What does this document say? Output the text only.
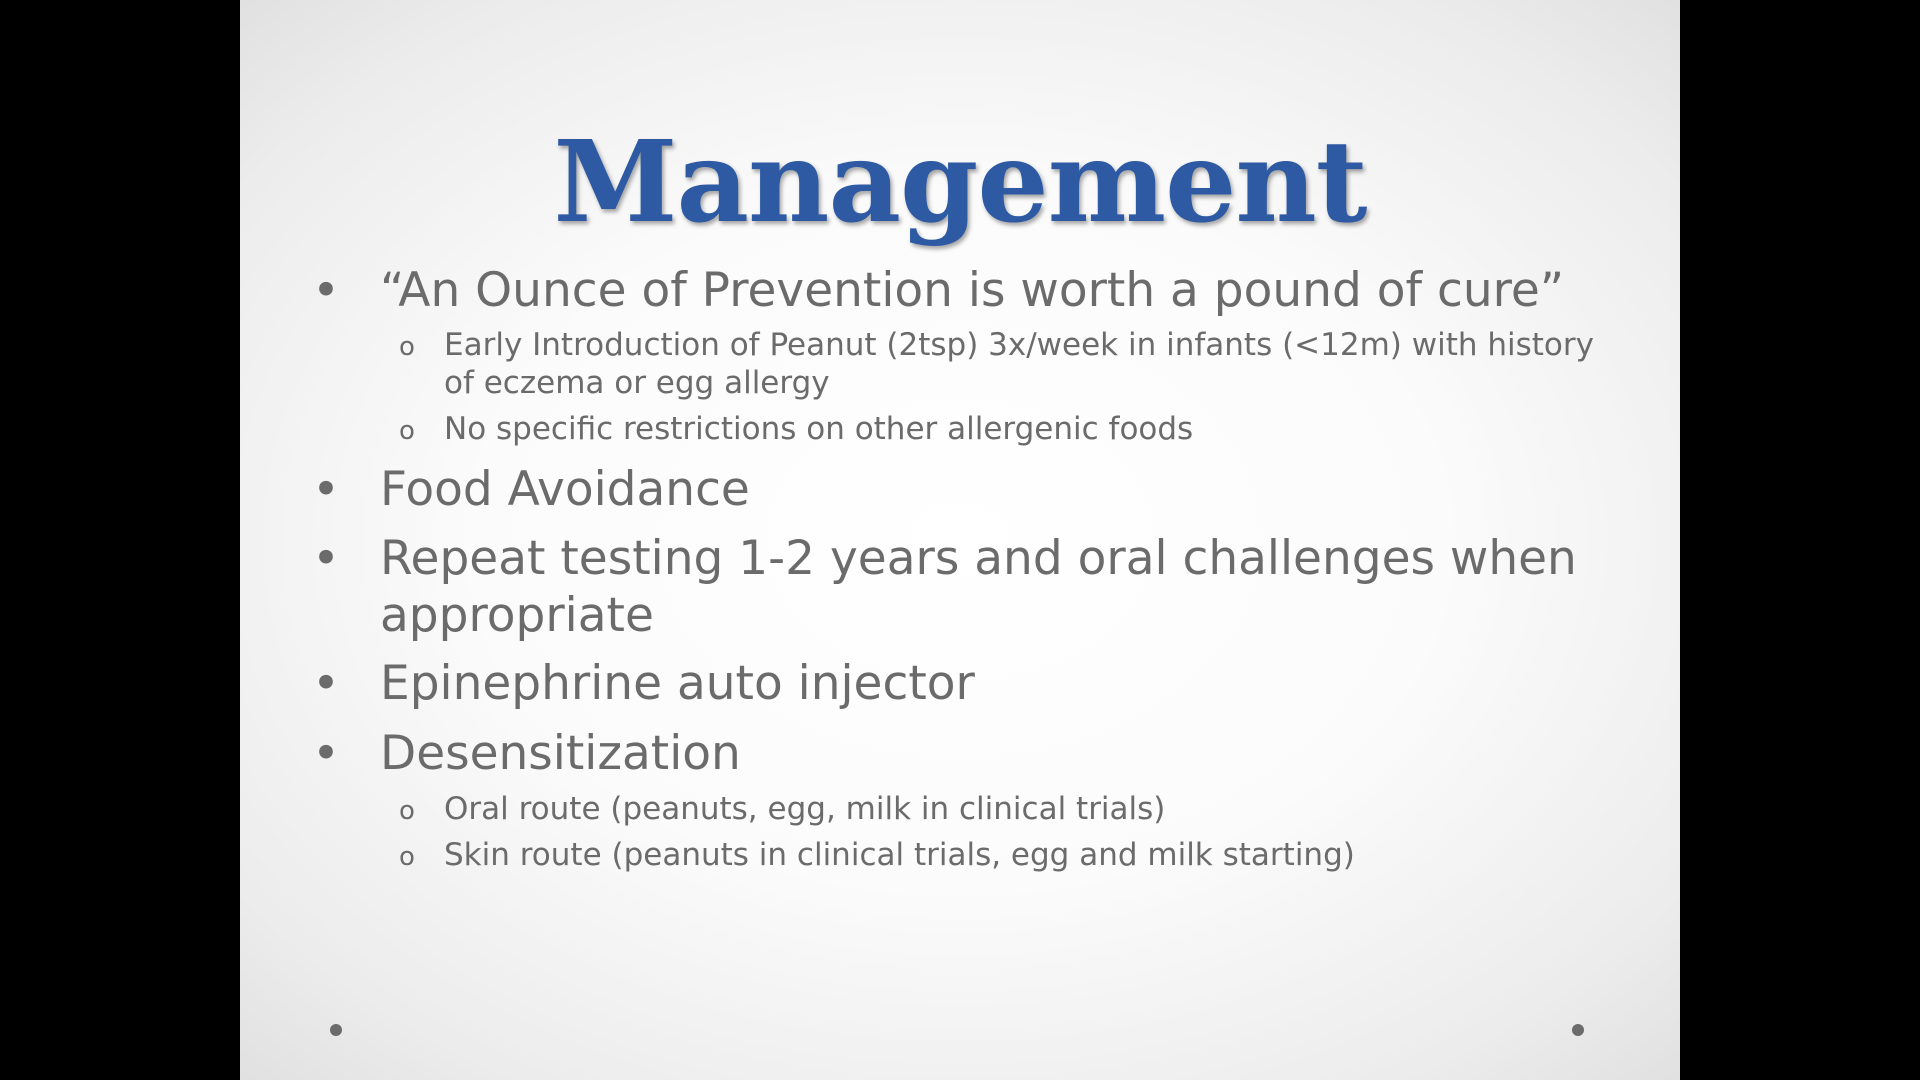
Management

• “An Ounce of Prevention is worth a pound of cure”

o Early Introduction of Peanut (2tsp) 3x/week in infants (<12m) with history of eczema or egg allergy

o No specific restrictions on other allergenic foods

• Food Avoidance

• Repeat testing 1-2 years and oral challenges when appropriate

• Epinephrine auto injector

• Desensitization

o Oral route (peanuts, egg, milk in clinical trials)

o Skin route (peanuts in clinical trials, egg and milk starting)
